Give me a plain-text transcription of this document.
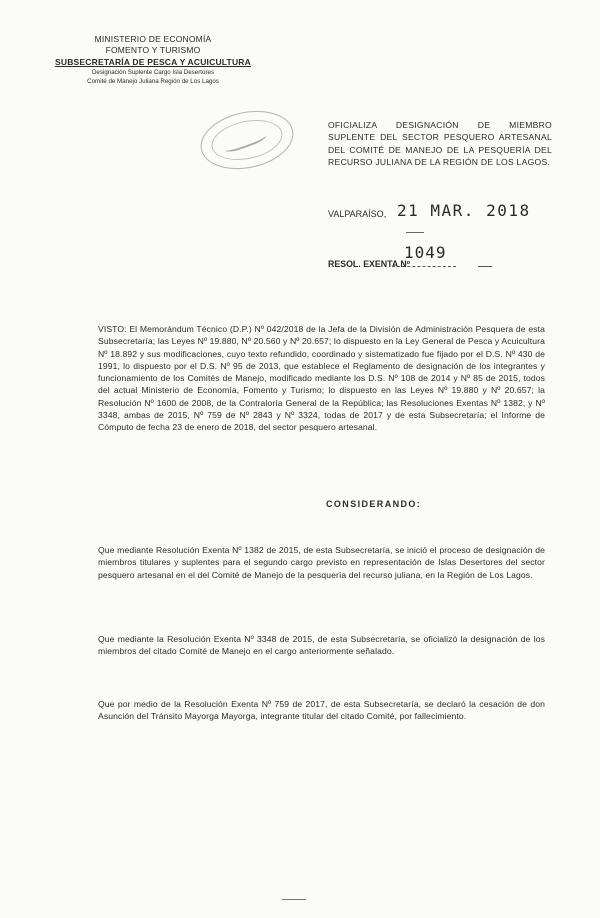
MINISTERIO DE ECONOMÍA
FOMENTO Y TURISMO
SUBSECRETARÍA DE PESCA Y ACUICULTURA
Designación Suplente Cargo Isla Desertores
Comité de Manejo Juliana Región de Los Lagos
OFICIALIZA DESIGNACIÓN DE MIEMBRO SUPLENTE DEL SECTOR PESQUERO ARTESANAL DEL COMITÉ DE MANEJO DE LA PESQUERÍA DEL RECURSO JULIANA DE LA REGIÓN DE LOS LAGOS.
VALPARAÍSO, 21 MAR. 2018
1049
RESOL. EXENTA Nº
VISTO: El Memorándum Técnico (D.P.) Nº 042/2018 de la Jefa de la División de Administración Pesquera de esta Subsecretaría; las Leyes Nº 19.880, Nº 20.560 y Nº 20.657; lo dispuesto en la Ley General de Pesca y Acuicultura Nº 18.892 y sus modificaciones, cuyo texto refundido, coordinado y sistematizado fue fijado por el D.S. Nº 430 de 1991, lo dispuesto por el D.S. Nº 95 de 2013, que establece el Reglamento de designación de los integrantes y funcionamiento de los Comités de Manejo, modificado mediante los D.S. Nº 108 de 2014 y Nº 85 de 2015, todos del actual Ministerio de Economía, Fomento y Turismo; lo dispuesto en las Leyes Nº 19.880 y Nº 20.657; la Resolución Nº 1600 de 2008, de la Contraloría General de la República; las Resoluciones Exentas Nº 1382, y Nº 3348, ambas de 2015, Nº 759 de Nº 2843 y Nº 3324, todas de 2017 y de esta Subsecretaría; el Informe de Cómputo de fecha 23 de enero de 2018, del sector pesquero artesanal.
CONSIDERANDO:
Que mediante Resolución Exenta Nº 1382 de 2015, de esta Subsecretaría, se inició el proceso de designación de miembros titulares y suplentes para el segundo cargo previsto en representación de Islas Desertores del sector pesquero artesanal en el del Comité de Manejo de la pesquería del recurso juliana, en la Región de Los Lagos.
Que mediante la Resolución Exenta Nº 3348 de 2015, de esta Subsecretaría, se oficializó la designación de los miembros del citado Comité de Manejo en el cargo anteriormente señalado.
Que por medio de la Resolución Exenta Nº 759 de 2017, de esta Subsecretaría, se declaró la cesación de don Asunción del Tránsito Mayorga Mayorga, integrante titular del citado Comité, por fallecimiento.
